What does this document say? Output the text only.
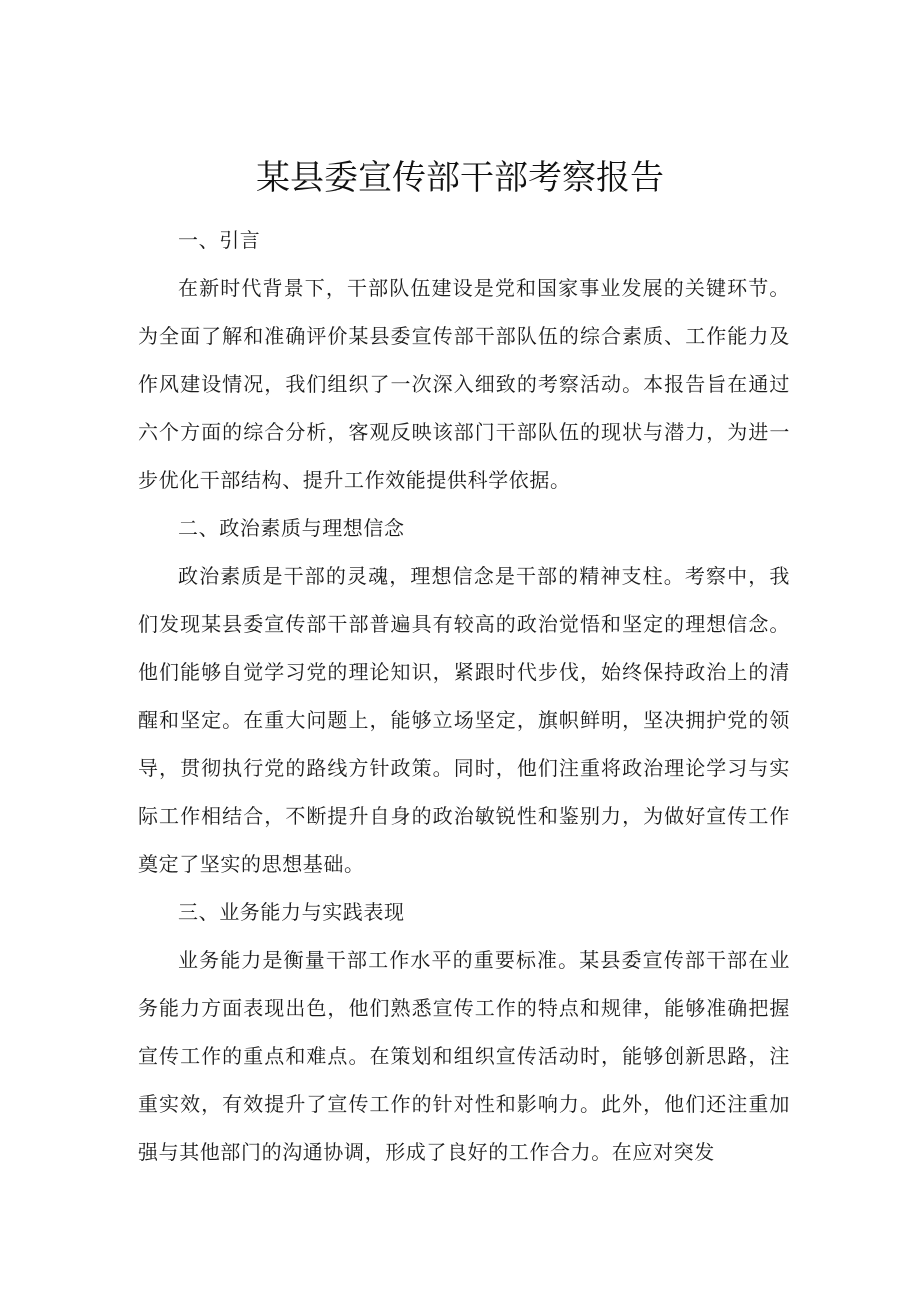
某县委宣传部干部考察报告

一、引言

在新时代背景下，干部队伍建设是党和国家事业发展的关键环节。为全面了解和准确评价某县委宣传部干部队伍的综合素质、工作能力及作风建设情况，我们组织了一次深入细致的考察活动。本报告旨在通过六个方面的综合分析，客观反映该部门干部队伍的现状与潜力，为进一步优化干部结构、提升工作效能提供科学依据。

二、政治素质与理想信念

政治素质是干部的灵魂，理想信念是干部的精神支柱。考察中，我们发现某县委宣传部干部普遍具有较高的政治觉悟和坚定的理想信念。他们能够自觉学习党的理论知识，紧跟时代步伐，始终保持政治上的清醒和坚定。在重大问题上，能够立场坚定，旗帜鲜明，坚决拥护党的领导，贯彻执行党的路线方针政策。同时，他们注重将政治理论学习与实际工作相结合，不断提升自身的政治敏锐性和鉴别力，为做好宣传工作奠定了坚实的思想基础。

三、业务能力与实践表现

业务能力是衡量干部工作水平的重要标准。某县委宣传部干部在业务能力方面表现出色，他们熟悉宣传工作的特点和规律，能够准确把握宣传工作的重点和难点。在策划和组织宣传活动时，能够创新思路，注重实效，有效提升了宣传工作的针对性和影响力。此外，他们还注重加强与其他部门的沟通协调，形成了良好的工作合力。在应对突发
